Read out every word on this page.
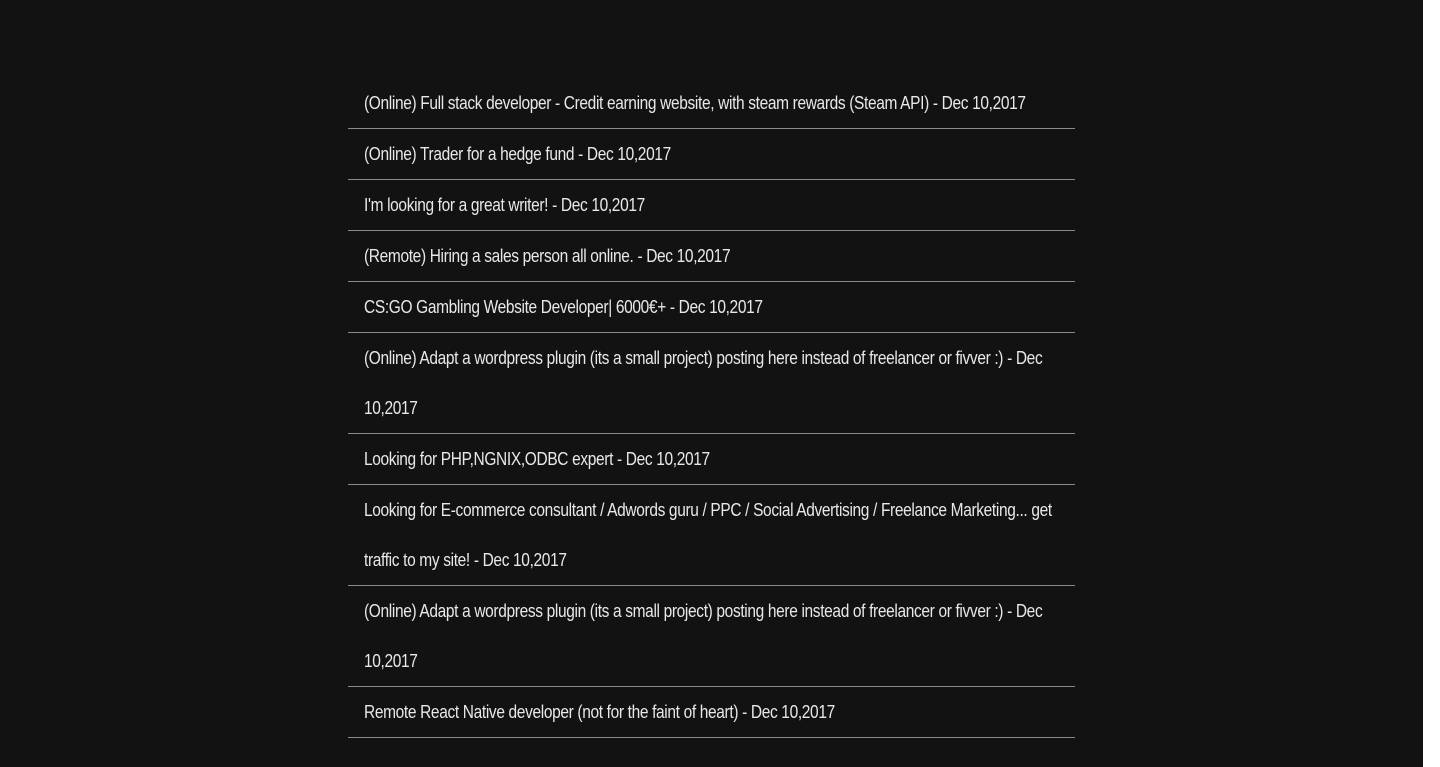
(Online) Full stack developer - Credit earning website, with steam rewards (Steam API) - Dec 10,2017
(Online) Trader for a hedge fund - Dec 10,2017
I'm looking for a great writer! - Dec 10,2017
(Remote) Hiring a sales person all online. - Dec 10,2017
CS:GO Gambling Website Developer| 6000€+ - Dec 10,2017
(Online) Adapt a wordpress plugin (its a small project) posting here instead of freelancer or fivver :) - Dec 10,2017
Looking for PHP,NGNIX,ODBC expert - Dec 10,2017
Looking for E-commerce consultant / Adwords guru / PPC / Social Advertising / Freelance Marketing... get traffic to my site! - Dec 10,2017
(Online) Adapt a wordpress plugin (its a small project) posting here instead of freelancer or fivver :) - Dec 10,2017
Remote React Native developer (not for the faint of heart) - Dec 10,2017
